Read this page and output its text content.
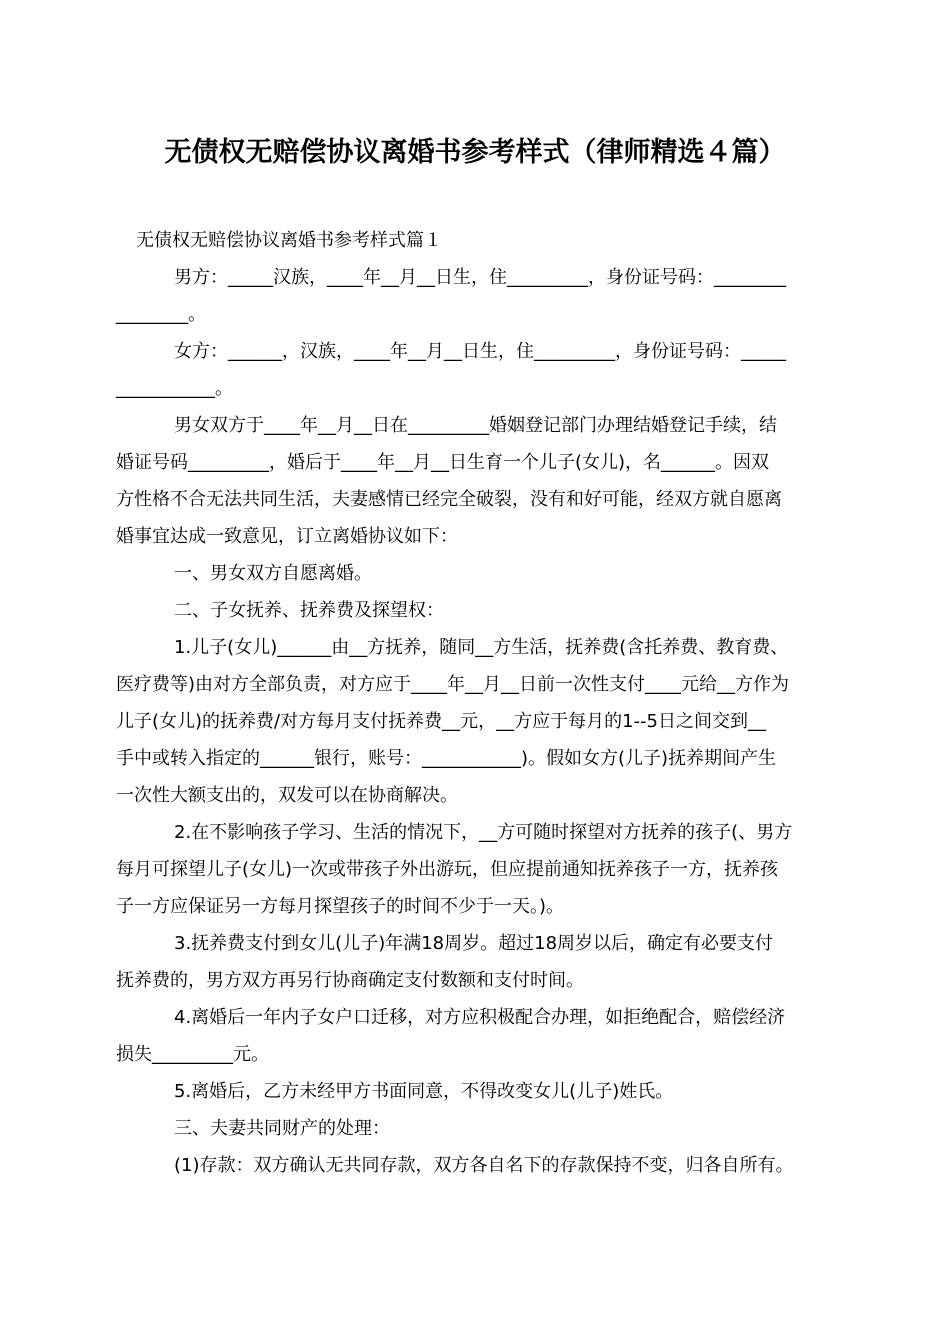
无债权无赔偿协议离婚书参考样式（律师精选４篇）
无债权无赔偿协议离婚书参考样式篇１
男方：_____汉族，____年__月__日生，住_________，身份证号码：________
________。
女方：______，汉族，____年__月__日生，住_________，身份证号码：_____
___________。
男女双方于____年__月__日在_________婚姻登记部门办理结婚登记手续，结
婚证号码_________，婚后于____年__月__日生育一个儿子(女儿)，名______。因双
方性格不合无法共同生活，夫妻感情已经完全破裂，没有和好可能，经双方就自愿离
婚事宜达成一致意见，订立离婚协议如下：
一、男女双方自愿离婚。
二、子女抚养、抚养费及探望权：
1.儿子(女儿)______由__方抚养，随同__方生活，抚养费(含托养费、教育费、
医疗费等)由对方全部负责，对方应于____年__月__日前一次性支付____元给__方作为
儿子(女儿)的抚养费/对方每月支付抚养费__元，__方应于每月的1--5日之间交到__
手中或转入指定的______银行，账号：___________)。假如女方(儿子)抚养期间产生
一次性大额支出的，双发可以在协商解决。
2.在不影响孩子学习、生活的情况下，__方可随时探望对方抚养的孩子(、男方
每月可探望儿子(女儿)一次或带孩子外出游玩，但应提前通知抚养孩子一方，抚养孩
子一方应保证另一方每月探望孩子的时间不少于一天。)。
3.抚养费支付到女儿(儿子)年满18周岁。超过18周岁以后，确定有必要支付
抚养费的，男方双方再另行协商确定支付数额和支付时间。
4.离婚后一年内子女户口迁移，对方应积极配合办理，如拒绝配合，赔偿经济
损失_________元。
5.离婚后，乙方未经甲方书面同意，不得改变女儿(儿子)姓氏。
三、夫妻共同财产的处理：
(1)存款：双方确认无共同存款，双方各自名下的存款保持不变，归各自所有。
